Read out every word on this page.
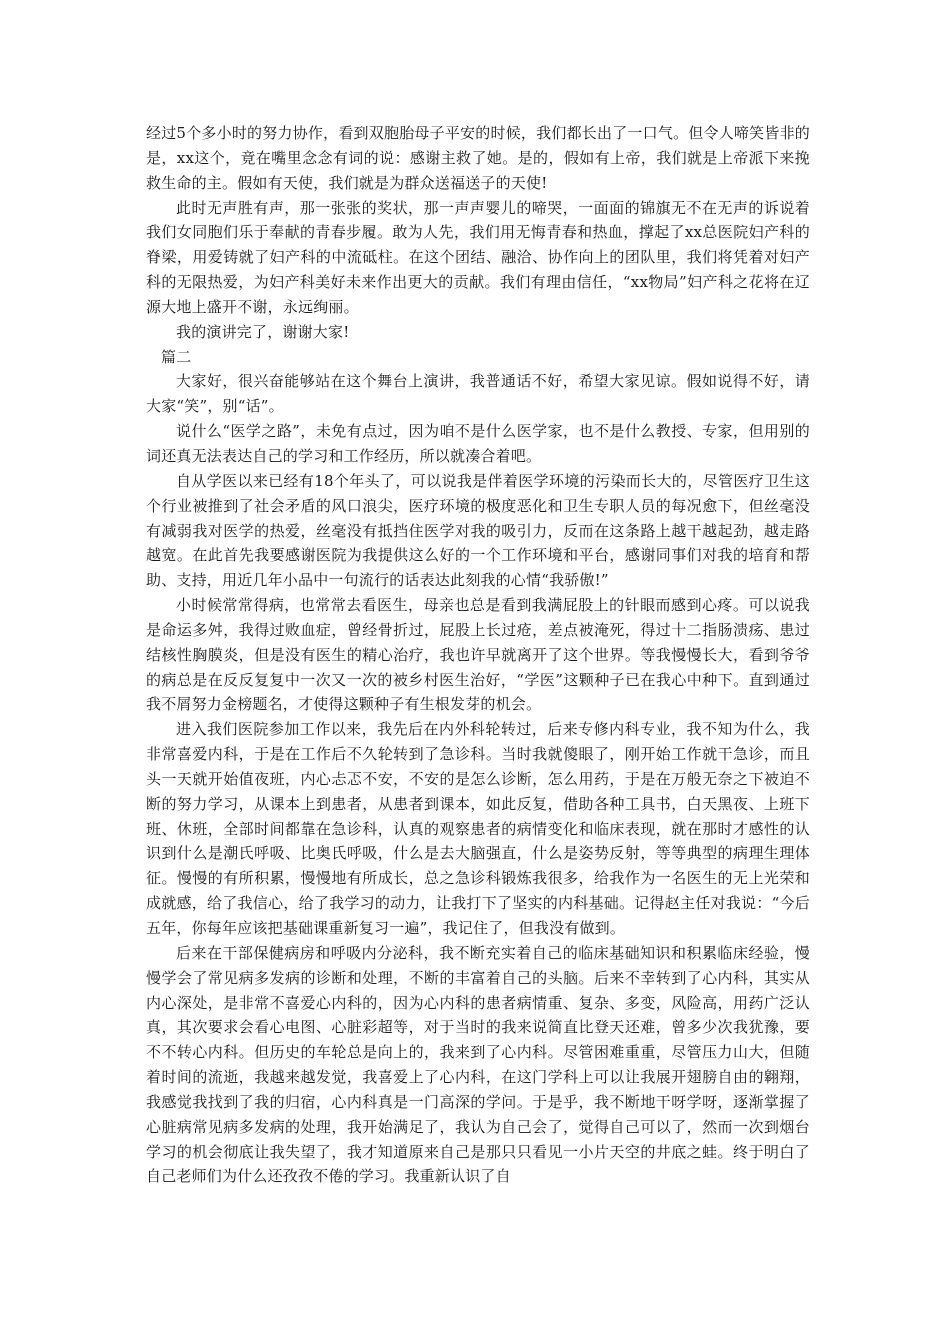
经过5个多小时的努力协作，看到双胞胎母子平安的时候，我们都长出了一口气。但令人啼笑皆非的是，xx这个，竟在嘴里念念有词的说：感谢主救了她。是的，假如有上帝，我们就是上帝派下来挽救生命的主。假如有天使，我们就是为群众送福送子的天使!

此时无声胜有声，那一张张的奖状，那一声声婴儿的啼哭，一面面的锦旗无不在无声的诉说着我们女同胞们乐于奉献的青春步履。敢为人先，我们用无悔青春和热血，撑起了xx总医院妇产科的脊梁，用爱铸就了妇产科的中流砥柱。在这个团结、融洽、协作向上的团队里，我们将凭着对妇产科的无限热爱，为妇产科美好未来作出更大的贡献。我们有理由信任，“xx物局”妇产科之花将在辽源大地上盛开不谢，永远绚丽。

我的演讲完了，谢谢大家!

篇二

大家好，很兴奋能够站在这个舞台上演讲，我普通话不好，希望大家见谅。假如说得不好，请大家“笑”，别“话”。

说什么“医学之路”，未免有点过，因为咱不是什么医学家，也不是什么教授、专家，但用别的词还真无法表达自己的学习和工作经历，所以就凑合着吧。

自从学医以来已经有18个年头了，可以说我是伴着医学环境的污染而长大的，尽管医疗卫生这个行业被推到了社会矛盾的风口浪尖，医疗环境的极度恶化和卫生专职人员的每况愈下，但丝毫没有减弱我对医学的热爱，丝毫没有抵挡住医学对我的吸引力，反而在这条路上越干越起劲，越走路越宽。在此首先我要感谢医院为我提供这么好的一个工作环境和平台，感谢同事们对我的培育和帮助、支持，用近几年小品中一句流行的话表达此刻我的心情“我骄傲!”

小时候常常得病，也常常去看医生，母亲也总是看到我满屁股上的针眼而感到心疼。可以说我是命运多舛，我得过败血症，曾经骨折过，屁股上长过疮，差点被淹死，得过十二指肠溃疡、患过结核性胸膜炎，但是没有医生的精心治疗，我也许早就离开了这个世界。等我慢慢长大，看到爷爷的病总是在反反复复中一次又一次的被乡村医生治好，“学医”这颗种子已在我心中种下。直到通过我不屑努力金榜题名，才使得这颗种子有生根发芽的机会。

进入我们医院参加工作以来，我先后在内外科轮转过，后来专修内科专业，我不知为什么，我非常喜爱内科，于是在工作后不久轮转到了急诊科。当时我就傻眼了，刚开始工作就干急诊，而且头一天就开始值夜班，内心忐忑不安，不安的是怎么诊断，怎么用药，于是在万般无奈之下被迫不断的努力学习，从课本上到患者，从患者到课本，如此反复，借助各种工具书，白天黑夜、上班下班、休班，全部时间都靠在急诊科，认真的观察患者的病情变化和临床表现，就在那时才感性的认识到什么是潮氏呼吸、比奥氏呼吸，什么是去大脑强直，什么是姿势反射，等等典型的病理生理体征。慢慢的有所积累，慢慢地有所成长，总之急诊科锻炼我很多，给我作为一名医生的无上光荣和成就感，给了我信心，给了我学习的动力，让我打下了坚实的内科基础。记得赵主任对我说：“今后五年，你每年应该把基础课重新复习一遍”，我记住了，但我没有做到。

后来在干部保健病房和呼吸内分泌科，我不断充实着自己的临床基础知识和积累临床经验，慢慢学会了常见病多发病的诊断和处理，不断的丰富着自己的头脑。后来不幸转到了心内科，其实从内心深处，是非常不喜爱心内科的，因为心内科的患者病情重、复杂、多变，风险高，用药广泛认真，其次要求会看心电图、心脏彩超等，对于当时的我来说简直比登天还难，曾多少次我犹豫，要不不转心内科。但历史的车轮总是向上的，我来到了心内科。尽管困难重重，尽管压力山大，但随着时间的流逝，我越来越发觉，我喜爱上了心内科，在这门学科上可以让我展开翅膀自由的翱翔，我感觉我找到了我的归宿，心内科真是一门高深的学问。于是乎，我不断地干呀学呀，逐渐掌握了心脏病常见病多发病的处理，我开始满足了，我认为自己会了，觉得自己可以了，然而一次到烟台学习的机会彻底让我失望了，我才知道原来自己是那只只看见一小片天空的井底之蛙。终于明白了自己老师们为什么还孜孜不倦的学习。我重新认识了自
